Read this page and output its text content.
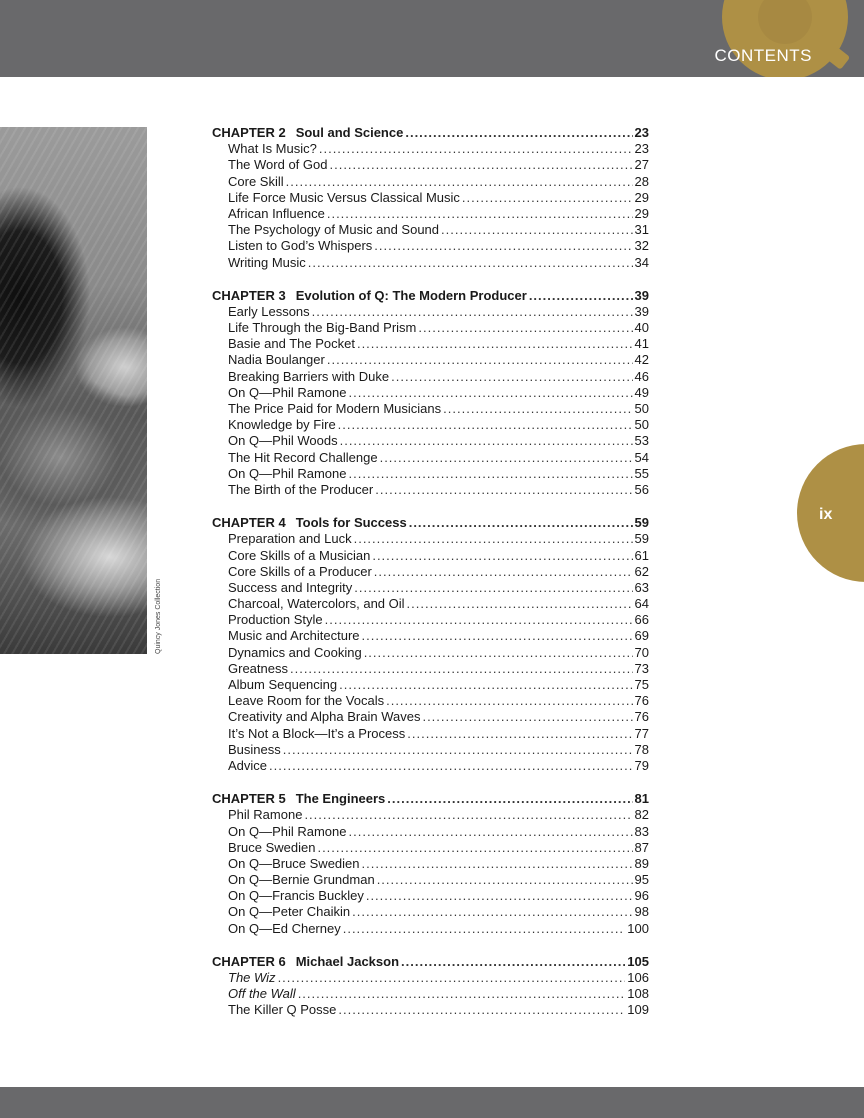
CONTENTS
Quincy Jones Collection
ix
CHAPTER 2 Soul and Science .....	23
What Is Music? .....	23
The Word of God .....	27
Core Skill .....	28
Life Force Music Versus Classical Music .....	29
African Influence .....	29
The Psychology of Music and Sound .....	31
Listen to God’s Whispers .....	32
Writing Music .....	34
CHAPTER 3 Evolution of Q: The Modern Producer .....	39
Early Lessons .....	39
Life Through the Big-Band Prism .....	40
Basie and The Pocket .....	41
Nadia Boulanger .....	42
Breaking Barriers with Duke .....	46
On Q—Phil Ramone .....	49
The Price Paid for Modern Musicians .....	50
Knowledge by Fire .....	50
On Q—Phil Woods .....	53
The Hit Record Challenge .....	54
On Q—Phil Ramone .....	55
The Birth of the Producer .....	56
CHAPTER 4 Tools for Success .....	59
Preparation and Luck .....	59
Core Skills of a Musician .....	61
Core Skills of a Producer .....	62
Success and Integrity .....	63
Charcoal, Watercolors, and Oil .....	64
Production Style .....	66
Music and Architecture .....	69
Dynamics and Cooking .....	70
Greatness .....	73
Album Sequencing .....	75
Leave Room for the Vocals .....	76
Creativity and Alpha Brain Waves .....	76
It’s Not a Block—It’s a Process .....	77
Business .....	78
Advice .....	79
CHAPTER 5 The Engineers .....	81
Phil Ramone .....	82
On Q—Phil Ramone .....	83
Bruce Swedien .....	87
On Q—Bruce Swedien .....	89
On Q—Bernie Grundman .....	95
On Q—Francis Buckley .....	96
On Q—Peter Chaikin .....	98
On Q—Ed Cherney .....	100
CHAPTER 6 Michael Jackson .....	105
The Wiz .....	106
Off the Wall .....	108
The Killer Q Posse .....	109
